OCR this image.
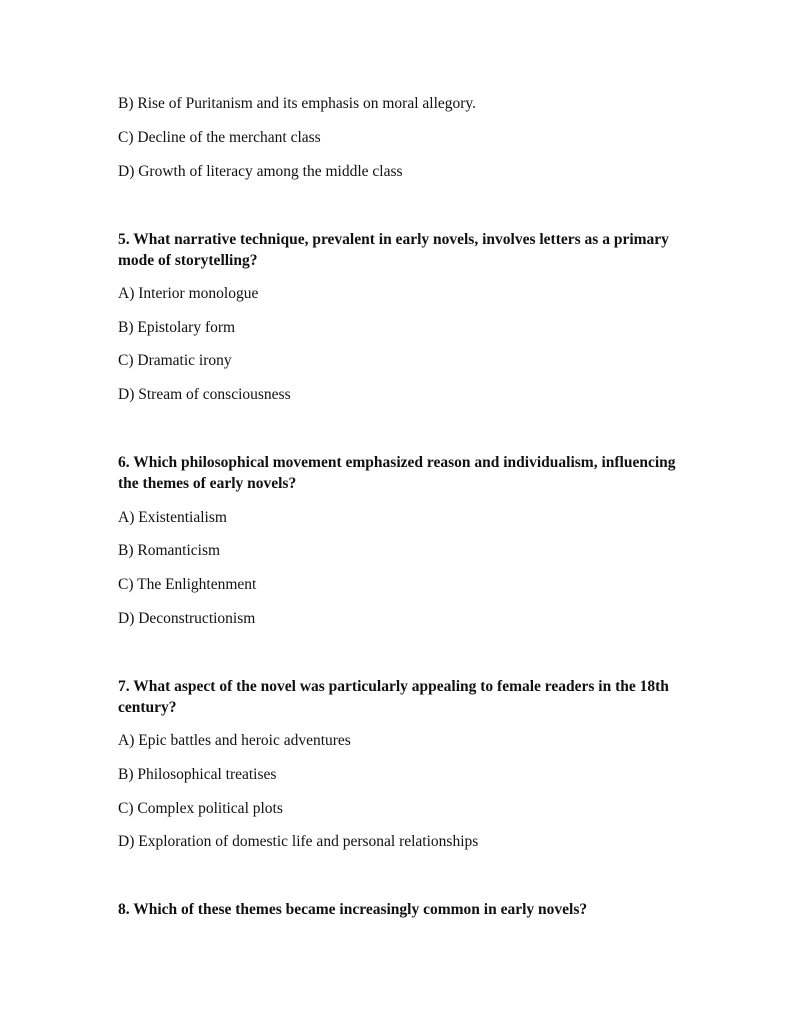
B) Rise of Puritanism and its emphasis on moral allegory.
C) Decline of the merchant class
D) Growth of literacy among the middle class
5. What narrative technique, prevalent in early novels, involves letters as a primary mode of storytelling?
A) Interior monologue
B) Epistolary form
C) Dramatic irony
D) Stream of consciousness
6. Which philosophical movement emphasized reason and individualism, influencing the themes of early novels?
A) Existentialism
B) Romanticism
C) The Enlightenment
D) Deconstructionism
7. What aspect of the novel was particularly appealing to female readers in the 18th century?
A) Epic battles and heroic adventures
B) Philosophical treatises
C) Complex political plots
D) Exploration of domestic life and personal relationships
8. Which of these themes became increasingly common in early novels?
